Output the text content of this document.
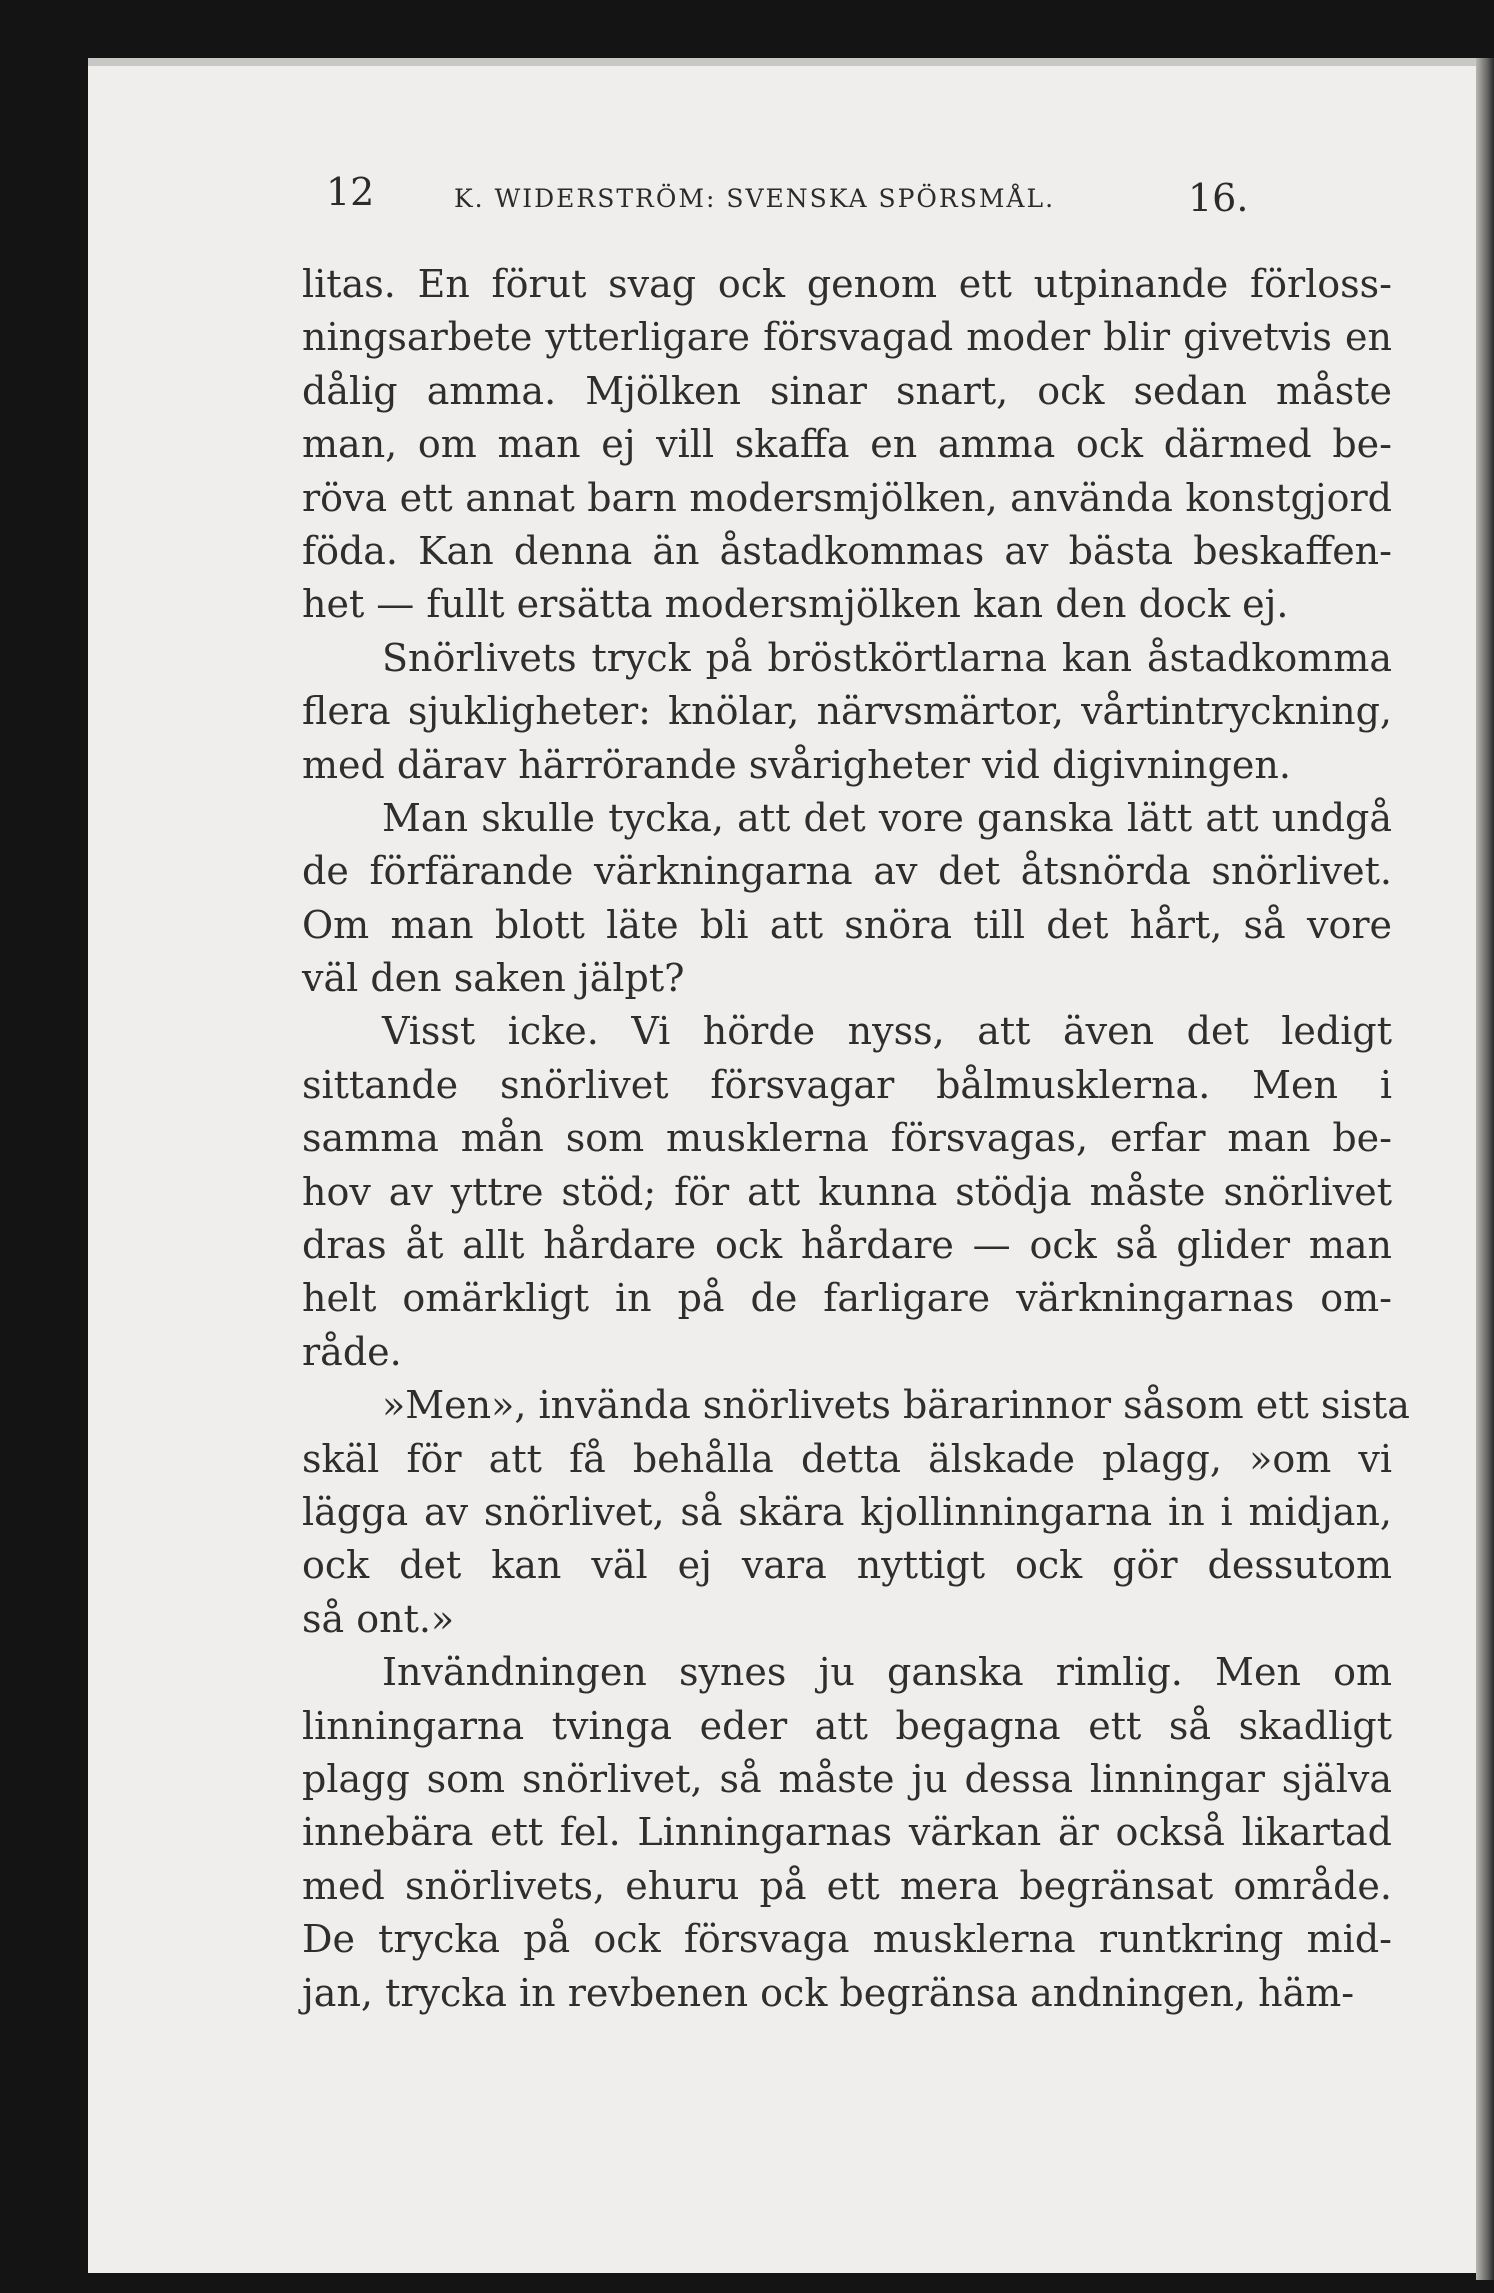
12	K. WIDERSTRÖM: SVENSKA SPÖRSMÅL.	16.
litas. En förut svag ock genom ett utpinande förloss-
ningsarbete ytterligare försvagad moder blir givetvis en
dålig amma. Mjölken sinar snart, ock sedan måste
man, om man ej vill skaffa en amma ock därmed be-
röva ett annat barn modersmjölken, använda konstgjord
föda. Kan denna än åstadkommas av bästa beskaffen-
het — fullt ersätta modersmjölken kan den dock ej.
Snörlivets tryck på bröstkörtlarna kan åstadkomma
flera sjukligheter: knölar, närvsmärtor, vårtintryckning,
med därav härrörande svårigheter vid digivningen.
Man skulle tycka, att det vore ganska lätt att undgå
de förfärande värkningarna av det åtsnörda snörlivet.
Om man blott läte bli att snöra till det hårt, så vore
väl den saken jälpt?
Visst icke. Vi hörde nyss, att även det ledigt
sittande snörlivet försvagar bålmusklerna. Men i
samma mån som musklerna försvagas, erfar man be-
hov av yttre stöd; för att kunna stödja måste snörlivet
dras åt allt hårdare ock hårdare — ock så glider man
helt omärkligt in på de farligare värkningarnas om-
råde.
»Men», invända snörlivets bärarinnor såsom ett sista
skäl för att få behålla detta älskade plagg, »om vi
lägga av snörlivet, så skära kjollinningarna in i midjan,
ock det kan väl ej vara nyttigt ock gör dessutom
så ont.»
Invändningen synes ju ganska rimlig. Men om
linningarna tvinga eder att begagna ett så skadligt
plagg som snörlivet, så måste ju dessa linningar själva
innebära ett fel. Linningarnas värkan är också likartad
med snörlivets, ehuru på ett mera begränsat område.
De trycka på ock försvaga musklerna runtkring mid-
jan, trycka in revbenen ock begränsa andningen, häm-
